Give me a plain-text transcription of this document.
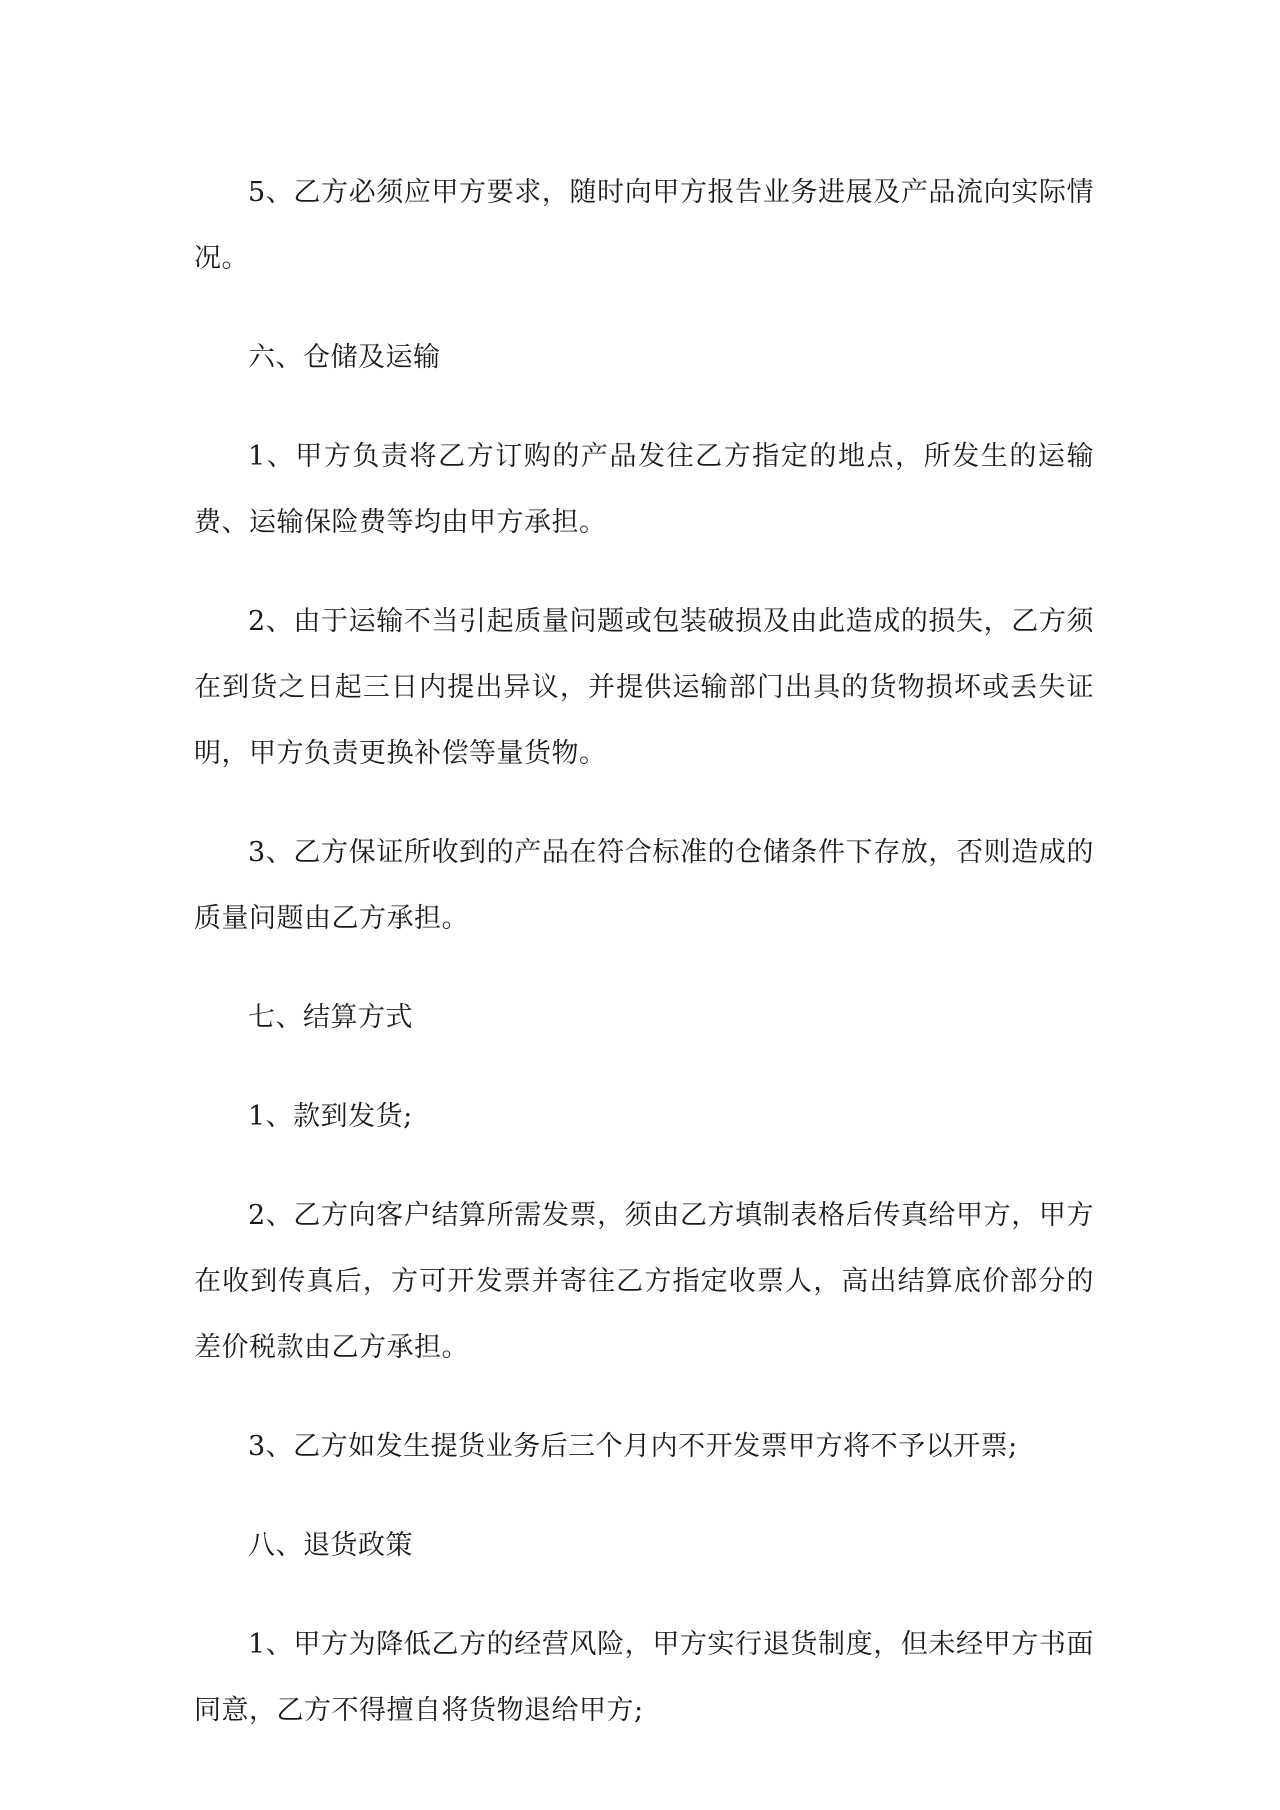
5、乙方必须应甲方要求，随时向甲方报告业务进展及产品流向实际情况。

六、仓储及运输

1、甲方负责将乙方订购的产品发往乙方指定的地点，所发生的运输费、运输保险费等均由甲方承担。

2、由于运输不当引起质量问题或包装破损及由此造成的损失，乙方须在到货之日起三日内提出异议，并提供运输部门出具的货物损坏或丢失证明，甲方负责更换补偿等量货物。

3、乙方保证所收到的产品在符合标准的仓储条件下存放，否则造成的质量问题由乙方承担。

七、结算方式

1、款到发货;

2、乙方向客户结算所需发票，须由乙方填制表格后传真给甲方，甲方在收到传真后，方可开发票并寄往乙方指定收票人，高出结算底价部分的差价税款由乙方承担。

3、乙方如发生提货业务后三个月内不开发票甲方将不予以开票;

八、退货政策

1、甲方为降低乙方的经营风险，甲方实行退货制度，但未经甲方书面同意，乙方不得擅自将货物退给甲方;
